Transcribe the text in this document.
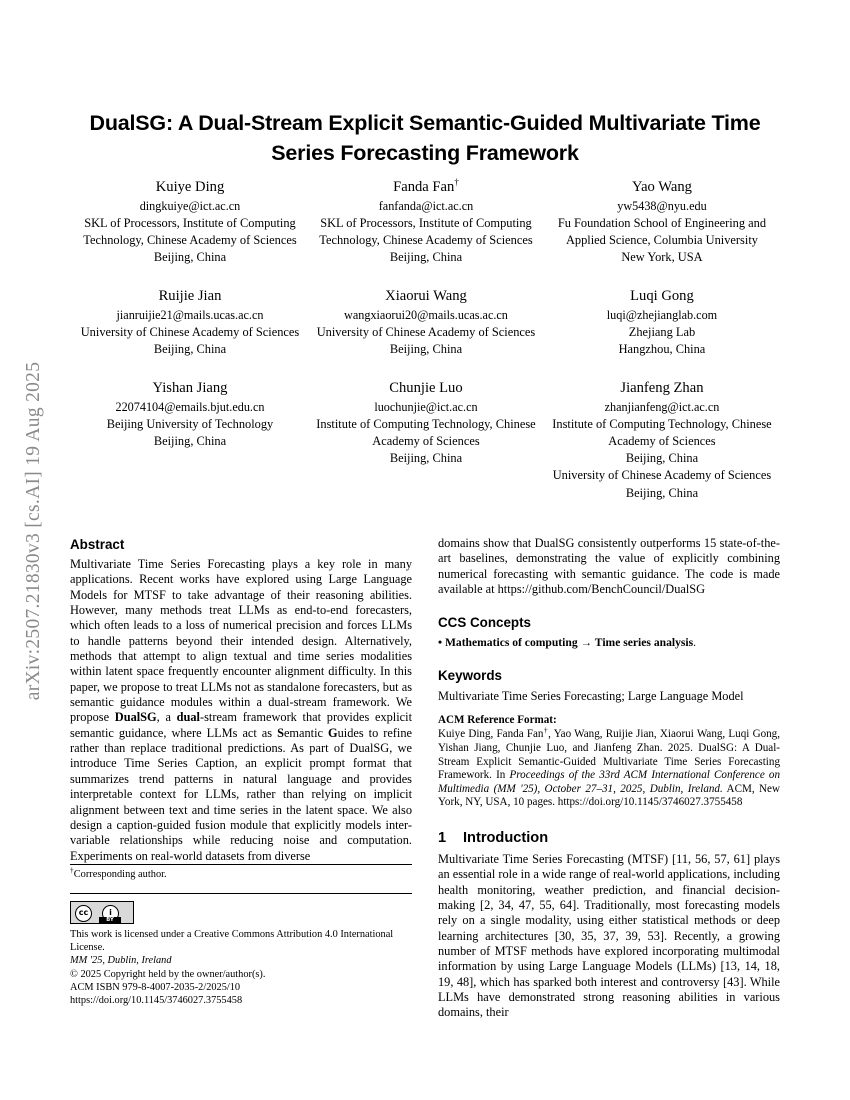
arXiv:2507.21830v3 [cs.AI] 19 Aug 2025
DualSG: A Dual-Stream Explicit Semantic-Guided Multivariate Time Series Forecasting Framework
Kuiye Ding
dingkuiye@ict.ac.cn
SKL of Processors, Institute of Computing Technology, Chinese Academy of Sciences
Beijing, China
Fanda Fan†
fanfanda@ict.ac.cn
SKL of Processors, Institute of Computing Technology, Chinese Academy of Sciences
Beijing, China
Yao Wang
yw5438@nyu.edu
Fu Foundation School of Engineering and Applied Science, Columbia University
New York, USA
Ruijie Jian
jianruijie21@mails.ucas.ac.cn
University of Chinese Academy of Sciences
Beijing, China
Xiaorui Wang
wangxiaorui20@mails.ucas.ac.cn
University of Chinese Academy of Sciences
Beijing, China
Luqi Gong
luqi@zhejianglab.com
Zhejiang Lab
Hangzhou, China
Yishan Jiang
22074104@emails.bjut.edu.cn
Beijing University of Technology
Beijing, China
Chunjie Luo
luochunjie@ict.ac.cn
Institute of Computing Technology, Chinese Academy of Sciences
Beijing, China
Jianfeng Zhan
zhanjianfeng@ict.ac.cn
Institute of Computing Technology, Chinese Academy of Sciences
Beijing, China
University of Chinese Academy of Sciences
Beijing, China
Abstract

Multivariate Time Series Forecasting plays a key role in many applications. Recent works have explored using Large Language Models for MTSF to take advantage of their reasoning abilities. However, many methods treat LLMs as end-to-end forecasters, which often leads to a loss of numerical precision and forces LLMs to handle patterns beyond their intended design. Alternatively, methods that attempt to align textual and time series modalities within latent space frequently encounter alignment difficulty. In this paper, we propose to treat LLMs not as standalone forecasters, but as semantic guidance modules within a dual-stream framework. We propose DualSG, a dual-stream framework that provides explicit semantic guidance, where LLMs act as Semantic Guides to refine rather than replace traditional predictions. As part of DualSG, we introduce Time Series Caption, an explicit prompt format that summarizes trend patterns in natural language and provides interpretable context for LLMs, rather than relying on implicit alignment between text and time series in the latent space. We also design a caption-guided fusion module that explicitly models inter-variable relationships while reducing noise and computation. Experiments on real-world datasets from diverse

domains show that DualSG consistently outperforms 15 state-of-the-art baselines, demonstrating the value of explicitly combining numerical forecasting with semantic guidance. The code is made available at https://github.com/BenchCouncil/DualSG

CCS Concepts

• Mathematics of computing → Time series analysis.

Keywords

Multivariate Time Series Forecasting; Large Language Model

ACM Reference Format:

Kuiye Ding, Fanda Fan†, Yao Wang, Ruijie Jian, Xiaorui Wang, Luqi Gong, Yishan Jiang, Chunjie Luo, and Jianfeng Zhan. 2025. DualSG: A Dual-Stream Explicit Semantic-Guided Multivariate Time Series Forecasting Framework. In Proceedings of the 33rd ACM International Conference on Multimedia (MM '25), October 27–31, 2025, Dublin, Ireland. ACM, New York, NY, USA, 10 pages. https://doi.org/10.1145/3746027.3755458

1	Introduction

Multivariate Time Series Forecasting (MTSF) [11, 56, 57, 61] plays an essential role in a wide range of real-world applications, including health monitoring, weather prediction, and financial decision-making [2, 34, 47, 55, 64]. Traditionally, most forecasting models rely on a single modality, using either statistical methods or deep learning architectures [30, 35, 37, 39, 53]. Recently, a growing number of MTSF methods have explored incorporating multimodal information by using Large Language Models (LLMs) [13, 14, 18, 19, 48], which has sparked both interest and controversy [43]. While LLMs have demonstrated strong reasoning abilities in various domains, their

†Corresponding author.
cc	i
BY

This work is licensed under a Creative Commons Attribution 4.0 International License.

MM '25, Dublin, Ireland

© 2025 Copyright held by the owner/author(s).

ACM ISBN 979-8-4007-2035-2/2025/10

https://doi.org/10.1145/3746027.3755458
